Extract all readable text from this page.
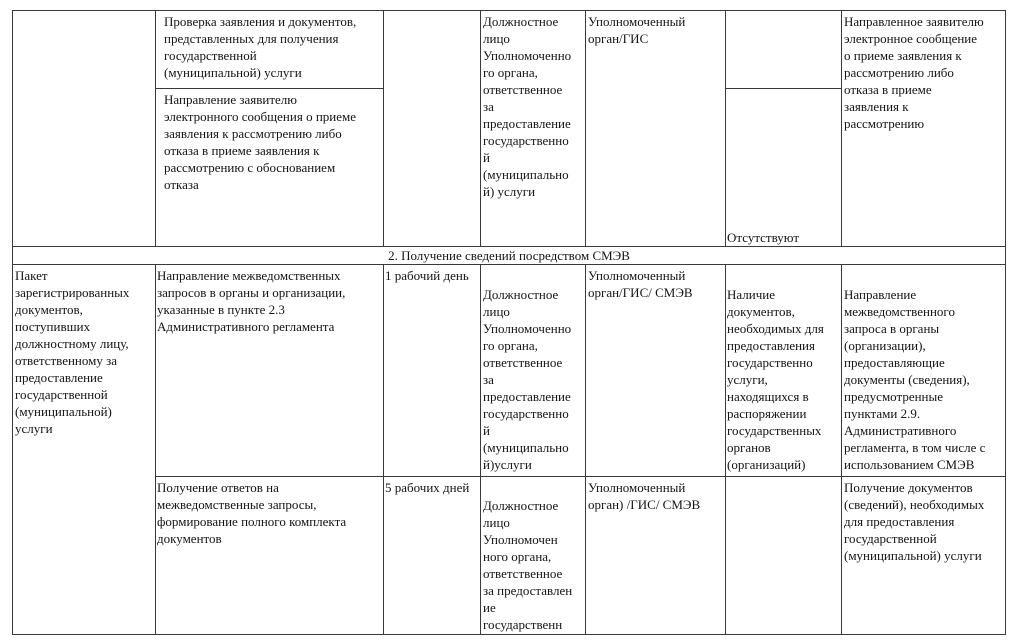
Проверка заявления и документов,
представленных для получения
государственной
(муниципальной) услуги

Направление заявителю
электронного сообщения о приеме
заявления к рассмотрению либо
отказа в приеме заявления к
рассмотрению с обоснованием
отказа

Должностное
лицо
Уполномоченно
го органа,
ответственное
за
предоставление
государственно
й
(муниципально
й) услуги

Уполномоченный
орган/ГИС

Отсутствуют

Направленное заявителю
электронное сообщение
о приеме заявления к
рассмотрению либо
отказа в приеме
заявления к
рассмотрению

2. Получение сведений посредством СМЭВ

Пакет
зарегистрированных
документов,
поступивших
должностному лицу,
ответственному за
предоставление
государственной
(муниципальной)
услуги

Направление межведомственных
запросов в органы и организации,
указанные в пункте 2.3
Административного регламента

1 рабочий день

Должностное
лицо
Уполномоченно
го органа,
ответственное
за
предоставление
государственно
й
(муниципально
й)услуги

Уполномоченный
орган/ГИС/ СМЭВ	Наличие
документов,
необходимых для
предоставления
государственно
услуги,
находящихся в
распоряжении
государственных
органов
(организаций)

Направление
межведомственного
запроса в органы
(организации),
предоставляющие
документы (сведения),
предусмотренные
пунктами 2.9.
Административного
регламента, в том числе с
использованием СМЭВ

Получение ответов на
межведомственные запросы,
формирование полного комплекта
документов

5 рабочих дней

Должностное
лицо
Уполномочен
ного органа,
ответственное
за предоставлен
ие
государственн

Уполномоченный
орган) /ГИС/ СМЭВ

Получение документов
(сведений), необходимых
для предоставления
государственной
(муниципальной) услуги
